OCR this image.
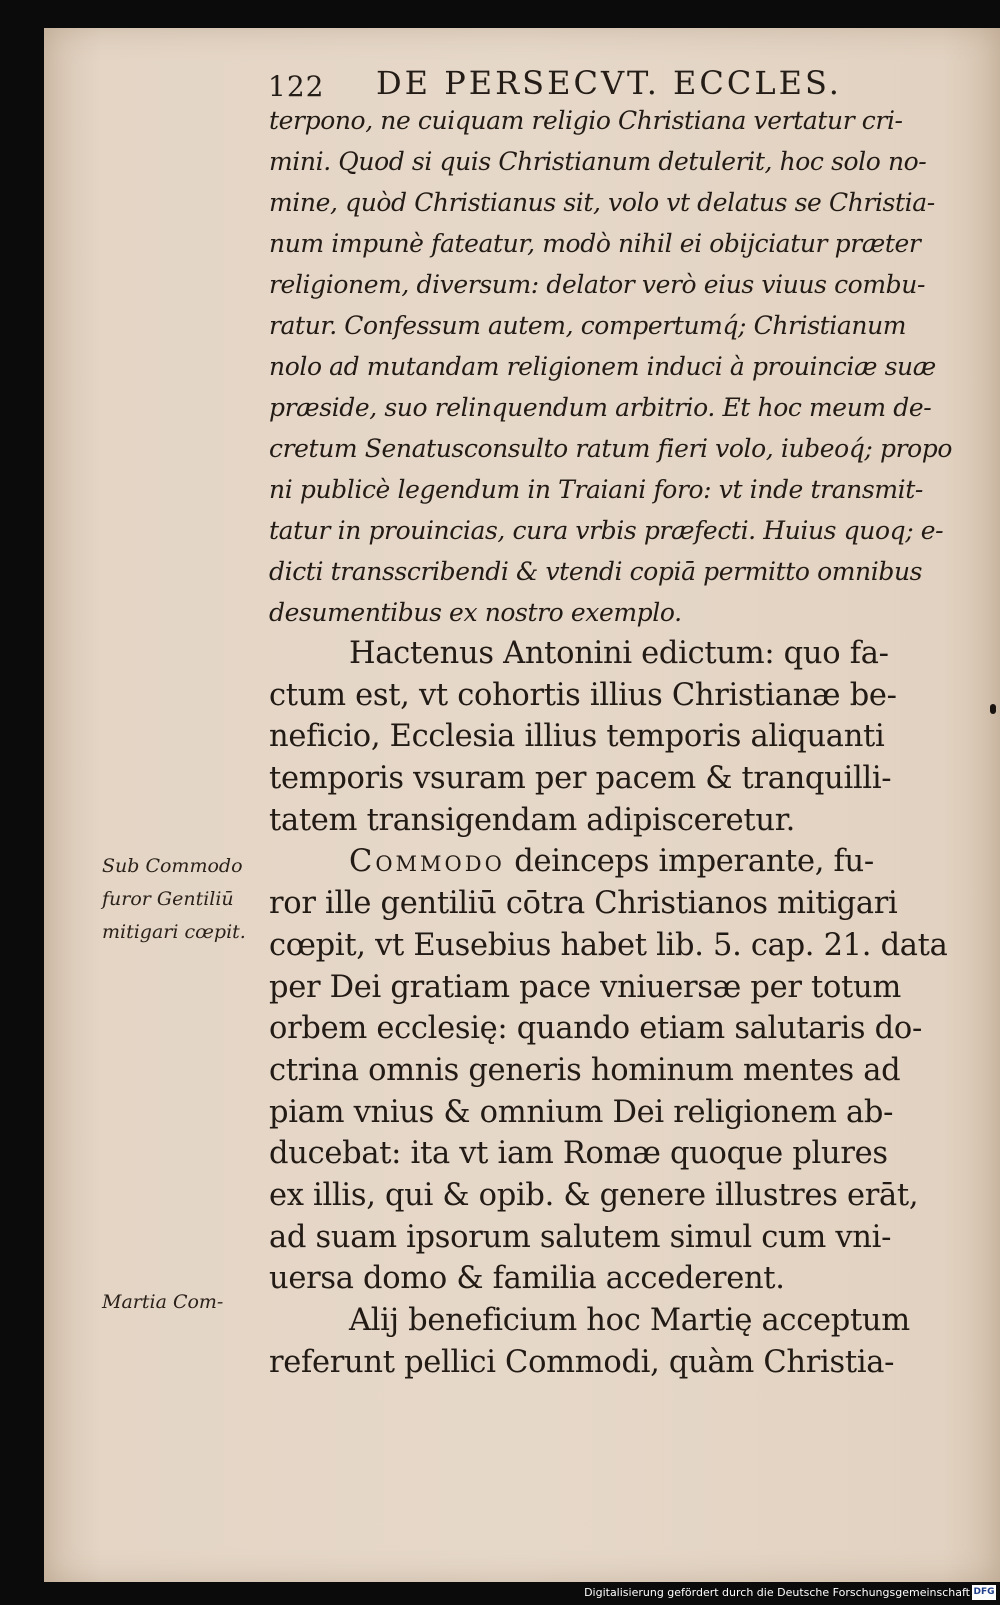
122 DE PERSECVT. ECCLES.
terpono, ne cuiquam religio Christiana vertatur cri-
mini. Quod si quis Christianum detulerit, hoc solo no-
mine, quòd Christianus sit, volo vt delatus se Christia-
num impunè fateatur, modò nihil ei obijciatur præter
religionem, diversum: delator verò eius viuus combu-
ratur. Confessum autem, compertumq́; Christianum
nolo ad mutandam religionem induci à prouinciæ suæ
præside, suo relinquendum arbitrio. Et hoc meum de-
cretum Senatusconsulto ratum fieri volo, iubeoq́; propo
ni publicè legendum in Traiani foro: vt inde transmit-
tatur in prouincias, cura vrbis præfecti. Huius quoq; e-
dicti transscribendi & vtendi copiā permitto omnibus
desumentibus ex nostro exemplo.
Hactenus Antonini edictum: quo fa-
ctum est, vt cohortis illius Christianæ be-
neficio, Ecclesia illius temporis aliquanti
temporis vsuram per pacem & tranquilli-
tatem transigendam adipisceretur.
Commodo deinceps imperante, fu-
ror ille gentiliū cōtra Christianos mitigari
cœpit, vt Eusebius habet lib. 5. cap. 21. data
per Dei gratiam pace vniuersæ per totum
orbem ecclesię: quando etiam salutaris do-
ctrina omnis generis hominum mentes ad
piam vnius & omnium Dei religionem ab-
ducebat: ita vt iam Romæ quoque plures
ex illis, qui & opib. & genere illustres erāt,
ad suam ipsorum salutem simul cum vni-
uersa domo & familia accederent.
Alij beneficium hoc Martię acceptum
referunt pellici Commodi, quàm Christia-
Sub Commodo
furor Gentiliū
mitigari cœpit.
Martia Com-
Digitalisierung gefördert durch die Deutsche Forschungsgemeinschaft DFG
